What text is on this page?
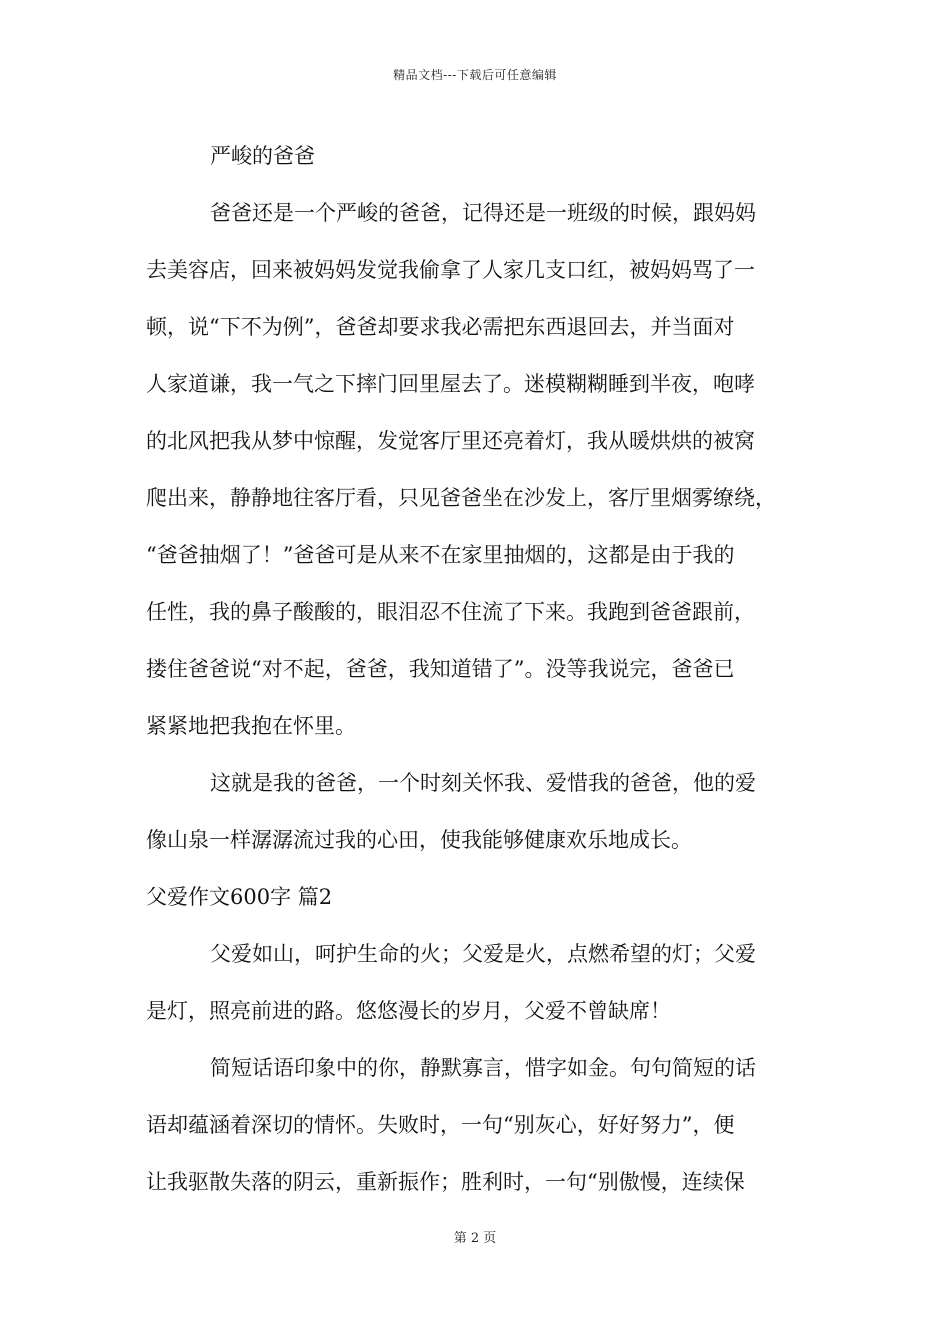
精品文档---下载后可任意编辑
严峻的爸爸
爸爸还是一个严峻的爸爸，记得还是一班级的时候，跟妈妈
去美容店，回来被妈妈发觉我偷拿了人家几支口红，被妈妈骂了一
顿，说“下不为例”，爸爸却要求我必需把东西退回去，并当面对
人家道谦，我一气之下摔门回里屋去了。迷模糊糊睡到半夜，咆哮
的北风把我从梦中惊醒，发觉客厅里还亮着灯，我从暖烘烘的被窝
爬出来，静静地往客厅看，只见爸爸坐在沙发上，客厅里烟雾缭绕，
“爸爸抽烟了！”爸爸可是从来不在家里抽烟的，这都是由于我的
任性，我的鼻子酸酸的，眼泪忍不住流了下来。我跑到爸爸跟前，
搂住爸爸说“对不起，爸爸，我知道错了”。没等我说完，爸爸已
紧紧地把我抱在怀里。
这就是我的爸爸，一个时刻关怀我、爱惜我的爸爸，他的爱
像山泉一样潺潺流过我的心田，使我能够健康欢乐地成长。
父爱作文600字 篇2
父爱如山，呵护生命的火；父爱是火，点燃希望的灯；父爱
是灯，照亮前进的路。悠悠漫长的岁月，父爱不曾缺席！
简短话语印象中的你，静默寡言，惜字如金。句句简短的话
语却蕴涵着深切的情怀。失败时，一句“别灰心，好好努力”，便
让我驱散失落的阴云，重新振作；胜利时，一句“别傲慢，连续保
第 2 页
